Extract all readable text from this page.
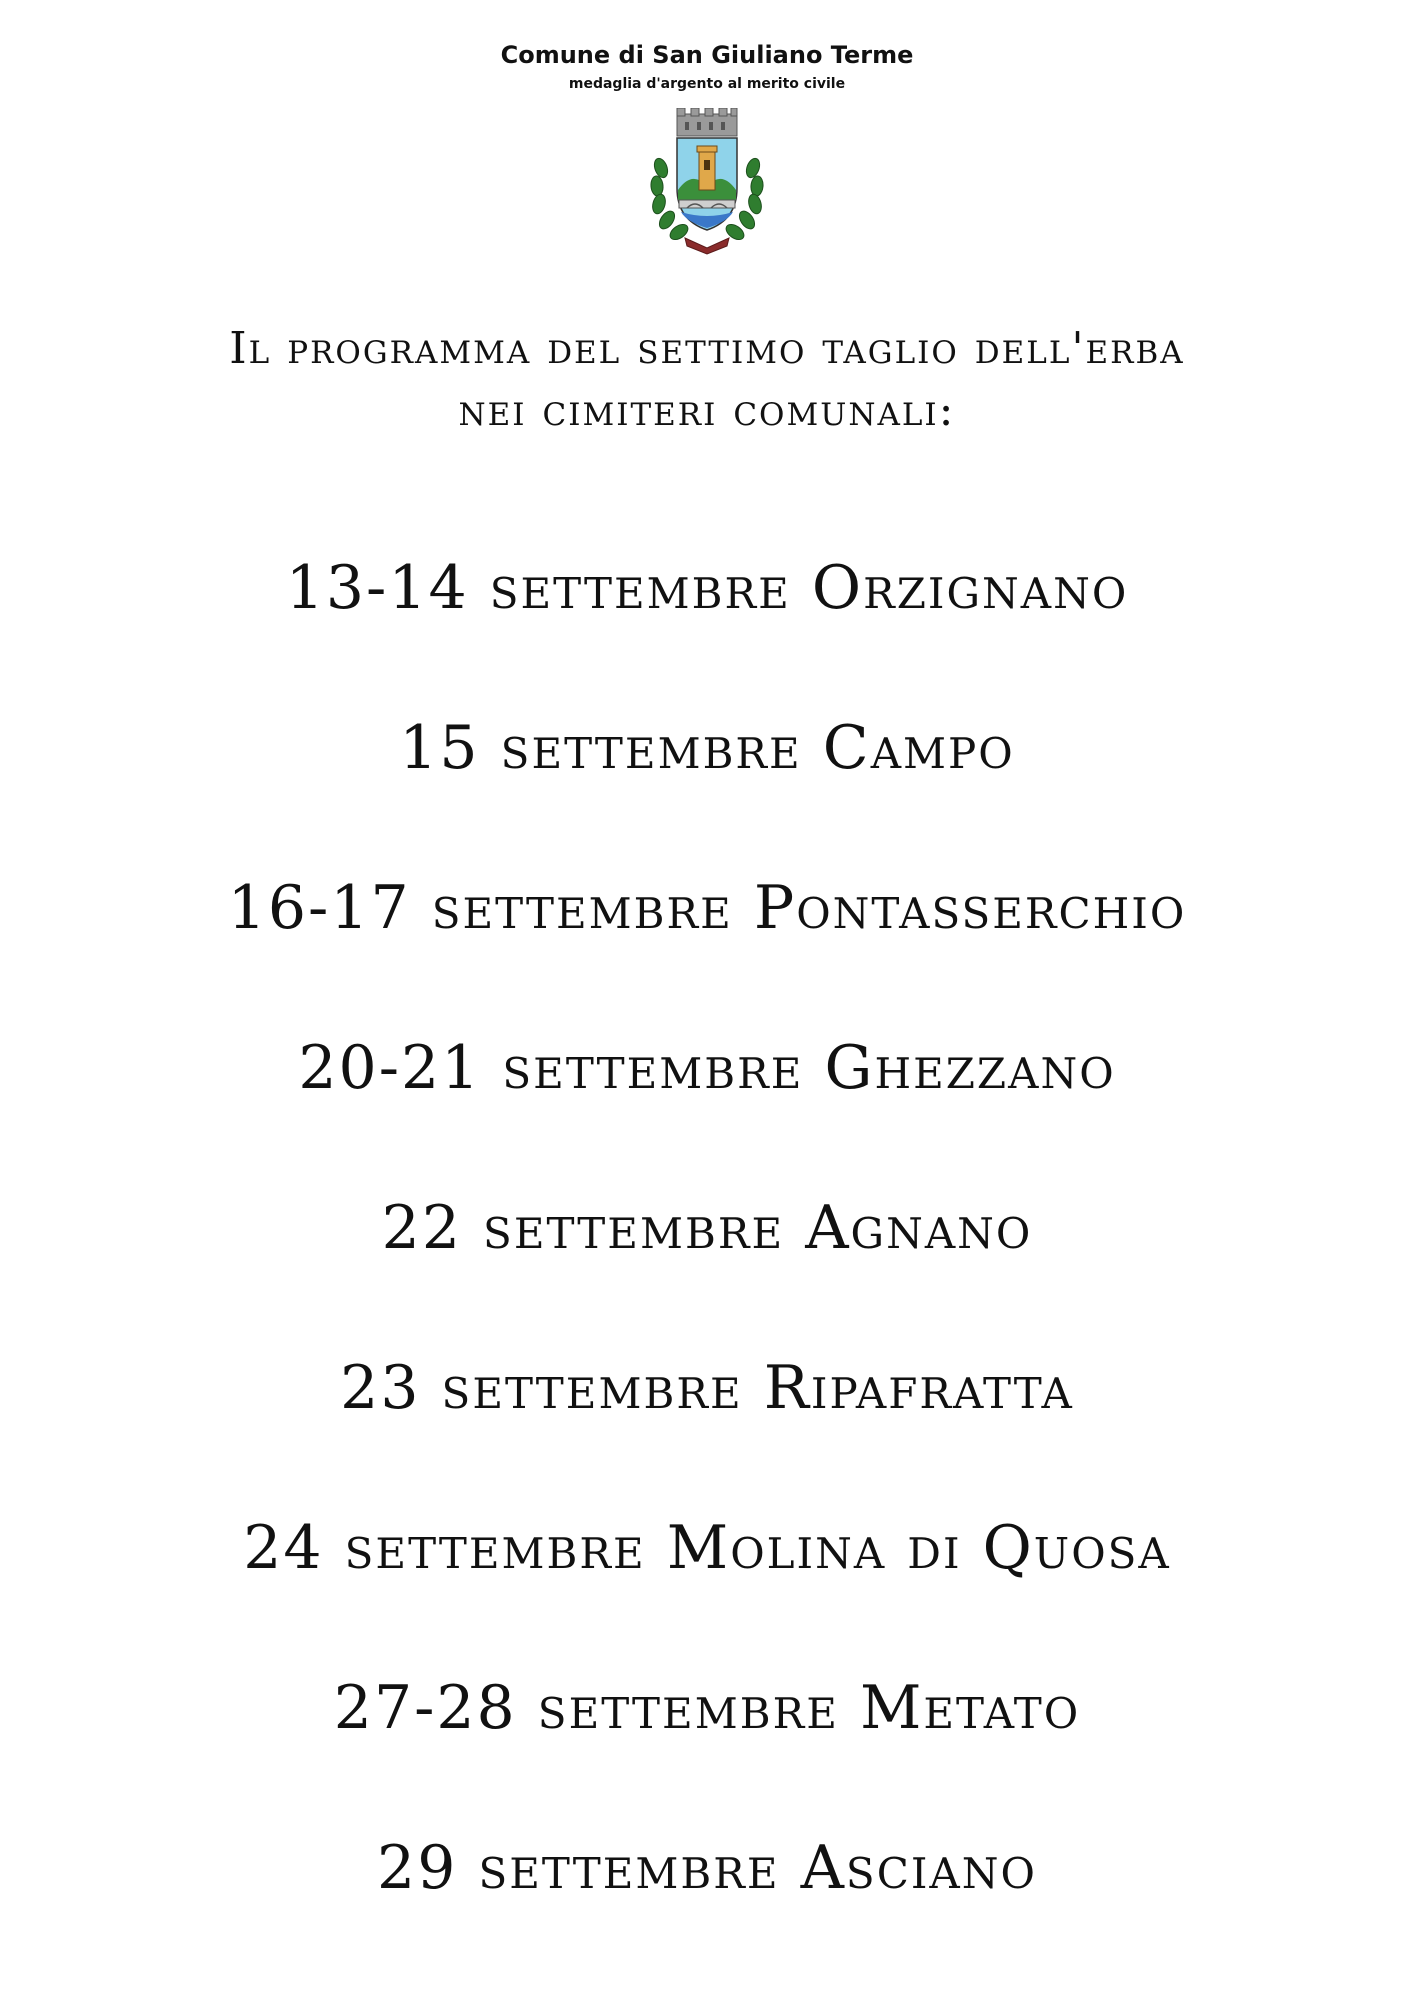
Comune di San Giuliano Terme
medaglia d'argento al merito civile
Il programma del settimo taglio dell'erba
nei cimiteri comunali:
13-14 settembre Orzignano
15 settembre Campo
16-17 settembre Pontasserchio
20-21 settembre Ghezzano
22 settembre Agnano
23 settembre Ripafratta
24 settembre Molina di Quosa
27-28 settembre Metato
29 settembre Asciano
